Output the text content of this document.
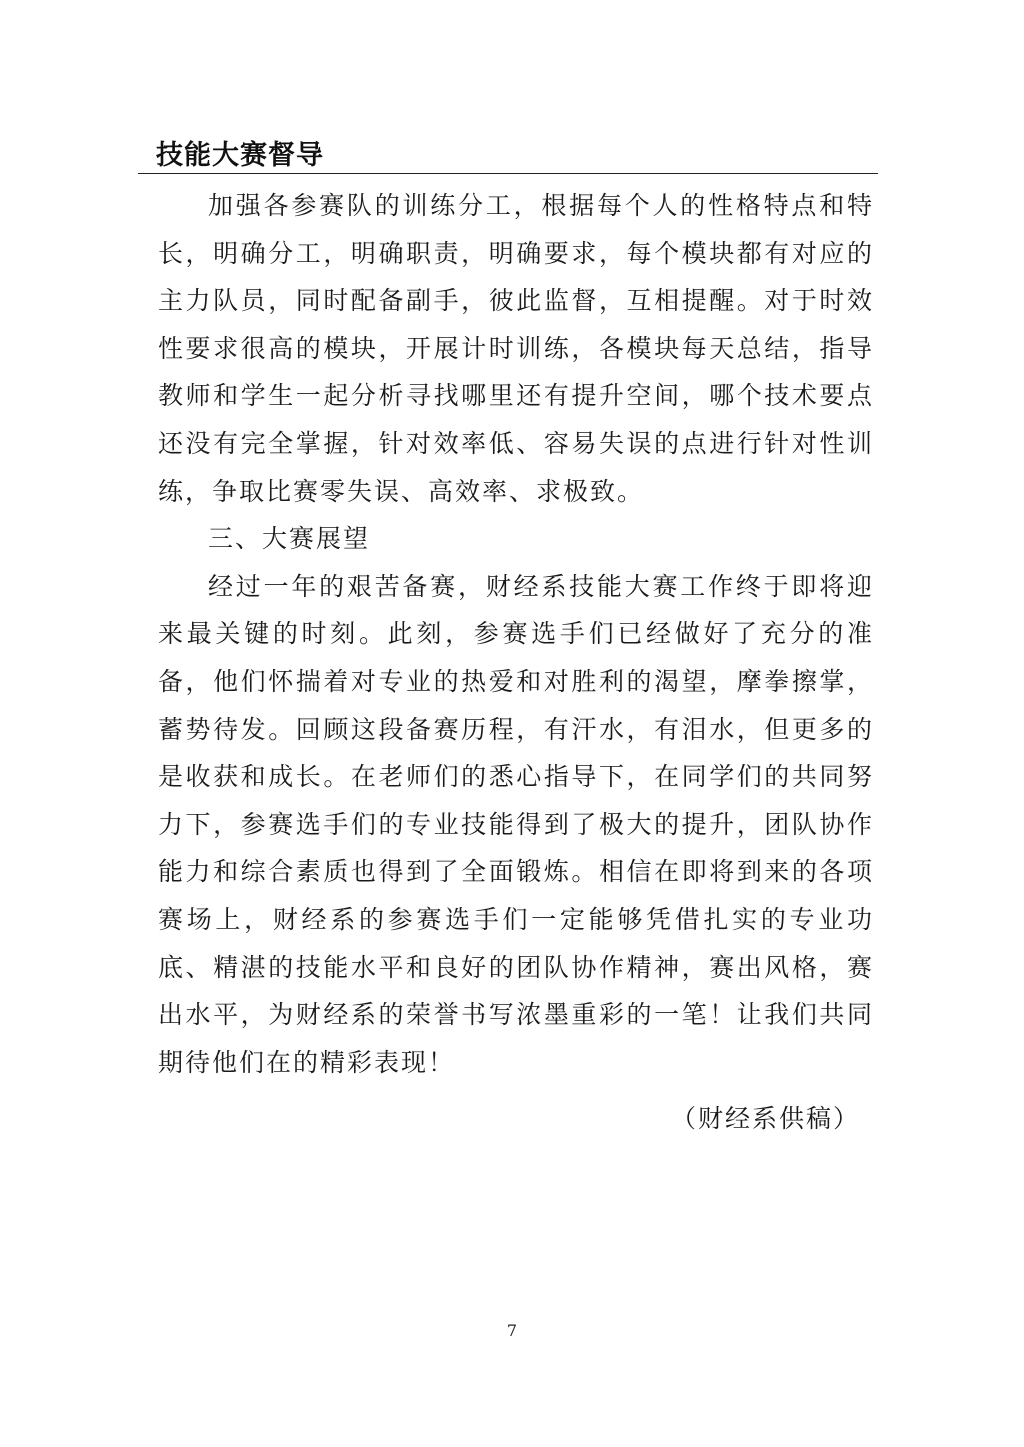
技能大赛督导

加强各参赛队的训练分工，根据每个人的性格特点和特长，明确分工，明确职责，明确要求，每个模块都有对应的主力队员，同时配备副手，彼此监督，互相提醒。对于时效性要求很高的模块，开展计时训练，各模块每天总结，指导教师和学生一起分析寻找哪里还有提升空间，哪个技术要点还没有完全掌握，针对效率低、容易失误的点进行针对性训练，争取比赛零失误、高效率、求极致。

三、大赛展望

经过一年的艰苦备赛，财经系技能大赛工作终于即将迎来最关键的时刻。此刻，参赛选手们已经做好了充分的准备，他们怀揣着对专业的热爱和对胜利的渴望，摩拳擦掌，蓄势待发。回顾这段备赛历程，有汗水，有泪水，但更多的是收获和成长。在老师们的悉心指导下，在同学们的共同努力下，参赛选手们的专业技能得到了极大的提升，团队协作能力和综合素质也得到了全面锻炼。相信在即将到来的各项赛场上，财经系的参赛选手们一定能够凭借扎实的专业功底、精湛的技能水平和良好的团队协作精神，赛出风格，赛出水平，为财经系的荣誉书写浓墨重彩的一笔！让我们共同期待他们在的精彩表现！

（财经系供稿）
7
